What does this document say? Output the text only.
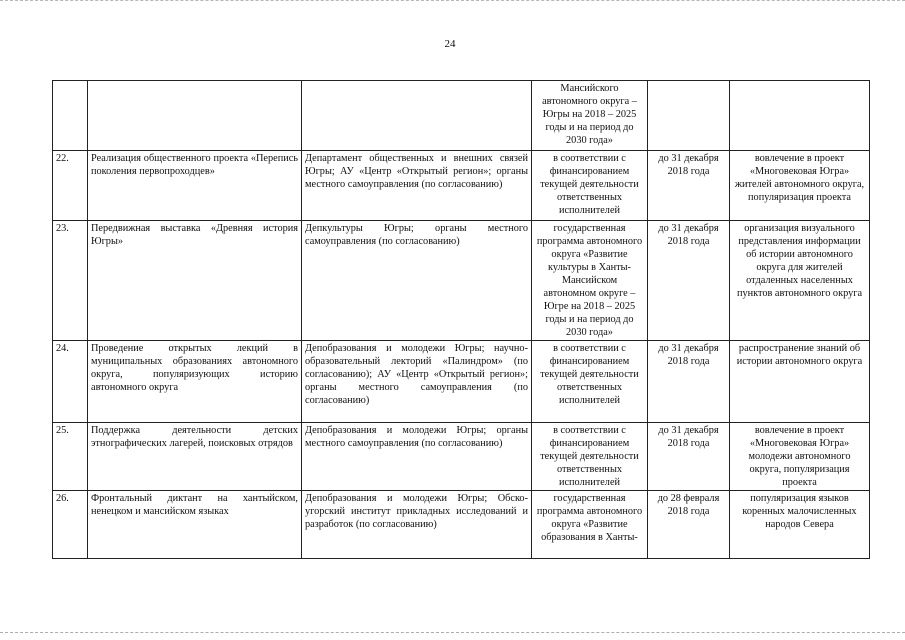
24
			Мансийского автономного округа – Югры на 2018 – 2025 годы и на период до 2030 года»		
22.	Реализация общественного проекта «Перепись поколения первопроходцев»	Департамент общественных и внешних связей Югры; АУ «Центр «Открытый регион»; органы местного самоуправления (по согласованию)	в соответствии с финансированием текущей деятельности ответственных исполнителей	до 31 декабря 2018 года	вовлечение в проект «Многовековая Югра» жителей автономного округа, популяризация проекта
23.	Передвижная выставка «Древняя история Югры»	Депкультуры Югры; органы местного самоуправления (по согласованию)	государственная программа автономного округа «Развитие культуры в Ханты-Мансийском автономном округе – Югре на 2018 – 2025 годы и на период до 2030 года»	до 31 декабря 2018 года	организация визуального представления информации об истории автономного округа для жителей отдаленных населенных пунктов автономного округа
24.	Проведение открытых лекций в муниципальных образованиях автономного округа, популяризующих историю автономного округа	Депобразования и молодежи Югры; научно-образовательный лекторий «Палиндром» (по согласованию); АУ «Центр «Открытый регион»; органы местного самоуправления (по согласованию)	в соответствии с финансированием текущей деятельности ответственных исполнителей	до 31 декабря 2018 года	распространение знаний об истории автономного округа
25.	Поддержка деятельности детских этнографических лагерей, поисковых отрядов	Депобразования и молодежи Югры; органы местного самоуправления (по согласованию)	в соответствии с финансированием текущей деятельности ответственных исполнителей	до 31 декабря 2018 года	вовлечение в проект «Многовековая Югра» молодежи автономного округа, популяризация проекта
26.	Фронтальный диктант на хантыйском, ненецком и мансийском языках	Депобразования и молодежи Югры; Обско-угорский институт прикладных исследований и разработок (по согласованию)	государственная программа автономного округа «Развитие образования в Ханты-	до 28 февраля 2018 года	популяризация языков коренных малочисленных народов Севера
